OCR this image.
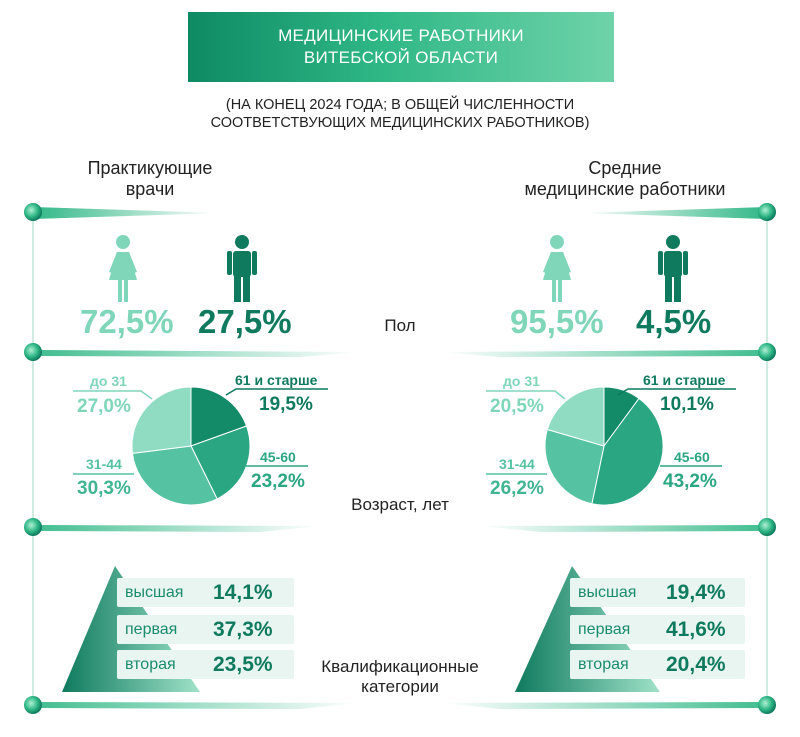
МЕДИЦИНСКИЕ РАБОТНИКИ
ВИТЕБСКОЙ ОБЛАСТИ
(НА КОНЕЦ 2024 ГОДА; В ОБЩЕЙ ЧИСЛЕННОСТИ
СООТВЕТСТВУЮЩИХ МЕДИЦИНСКИХ РАБОТНИКОВ)
Практикующие
врачи
Средние
медицинские работники
72,5% 27,5%	95,5% 4,5%
Пол
до 31
27,0%
31-44
30,3%
61 и старше
19,5%
45-60
23,2%
до 31
20,5%
31-44
26,2%
61 и старше
10,1%
45-60
43,2%
Возраст, лет
высшая	14,1%
первая	37,3%
вторая	23,5%
высшая	19,4%
первая	41,6%
вторая	20,4%
Квалификационные
категории
